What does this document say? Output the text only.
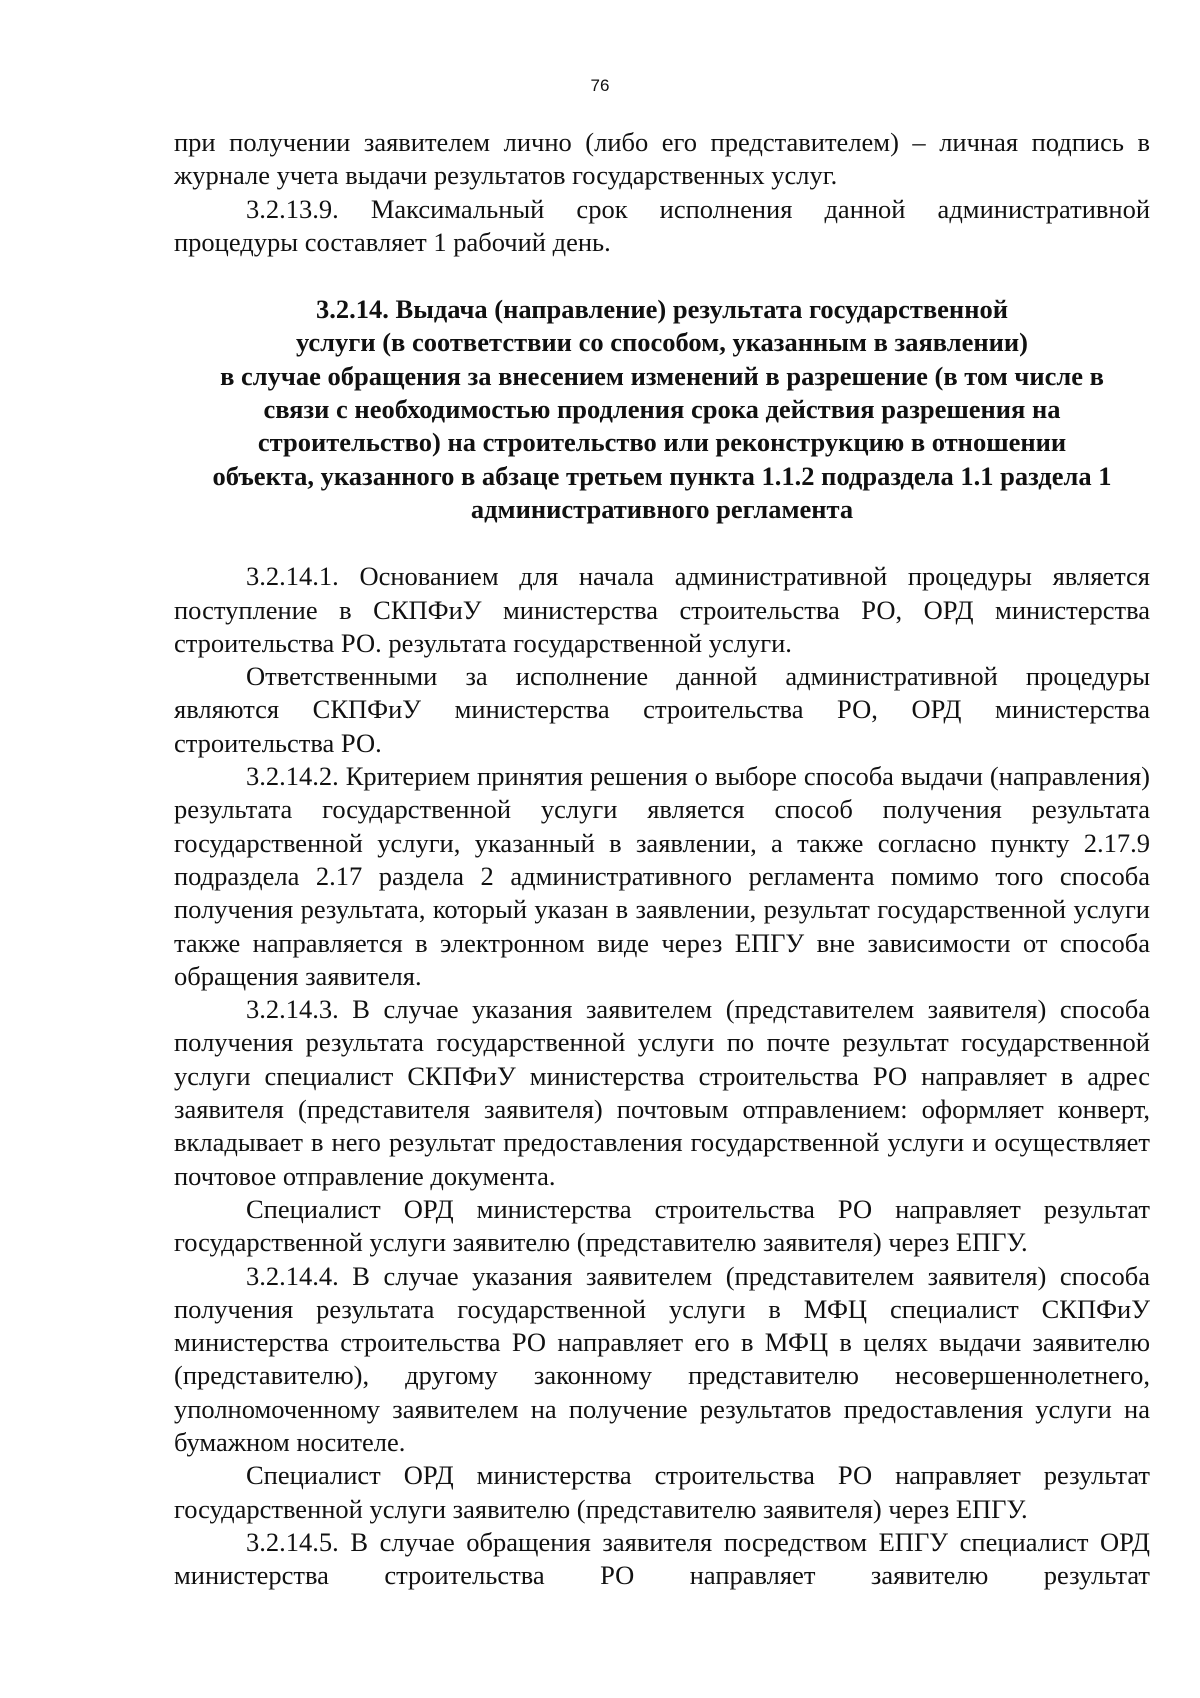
76

при получении заявителем лично (либо его представителем) – личная подпись в журнале учета выдачи результатов государственных услуг.

3.2.13.9. Максимальный срок исполнения данной административной процедуры составляет 1 рабочий день.

3.2.14. Выдача (направление) результата государственной
услуги (в соответствии со способом, указанным в заявлении)
в случае обращения за внесением изменений в разрешение (в том числе в
связи с необходимостью продления срока действия разрешения на
строительство) на строительство или реконструкцию в отношении
объекта, указанного в абзаце третьем пункта 1.1.2 подраздела 1.1 раздела 1
административного регламента

3.2.14.1. Основанием для начала административной процедуры является поступление в СКПФиУ министерства строительства РО, ОРД министерства строительства РО. результата государственной услуги.

Ответственными за исполнение данной административной процедуры являются СКПФиУ министерства строительства РО, ОРД министерства строительства РО.

3.2.14.2. Критерием принятия решения о выборе способа выдачи (направления) результата государственной услуги является способ получения результата государственной услуги, указанный в заявлении, а также согласно пункту 2.17.9 подраздела 2.17 раздела 2 административного регламента помимо того способа получения результата, который указан в заявлении, результат государственной услуги также направляется в электронном виде через ЕПГУ вне зависимости от способа обращения заявителя.

3.2.14.3. В случае указания заявителем (представителем заявителя) способа получения результата государственной услуги по почте результат государственной услуги специалист СКПФиУ министерства строительства РО направляет в адрес заявителя (представителя заявителя) почтовым отправлением: оформляет конверт, вкладывает в него результат предоставления государственной услуги и осуществляет почтовое отправление документа.

Специалист ОРД министерства строительства РО направляет результат государственной услуги заявителю (представителю заявителя) через ЕПГУ.

3.2.14.4. В случае указания заявителем (представителем заявителя) способа получения результата государственной услуги в МФЦ специалист СКПФиУ министерства строительства РО направляет его в МФЦ в целях выдачи заявителю (представителю), другому законному представителю несовершеннолетнего, уполномоченному заявителем на получение результатов предоставления услуги на бумажном носителе.

Специалист ОРД министерства строительства РО направляет результат государственной услуги заявителю (представителю заявителя) через ЕПГУ.

3.2.14.5. В случае обращения заявителя посредством ЕПГУ специалист ОРД министерства строительства РО направляет заявителю результат
